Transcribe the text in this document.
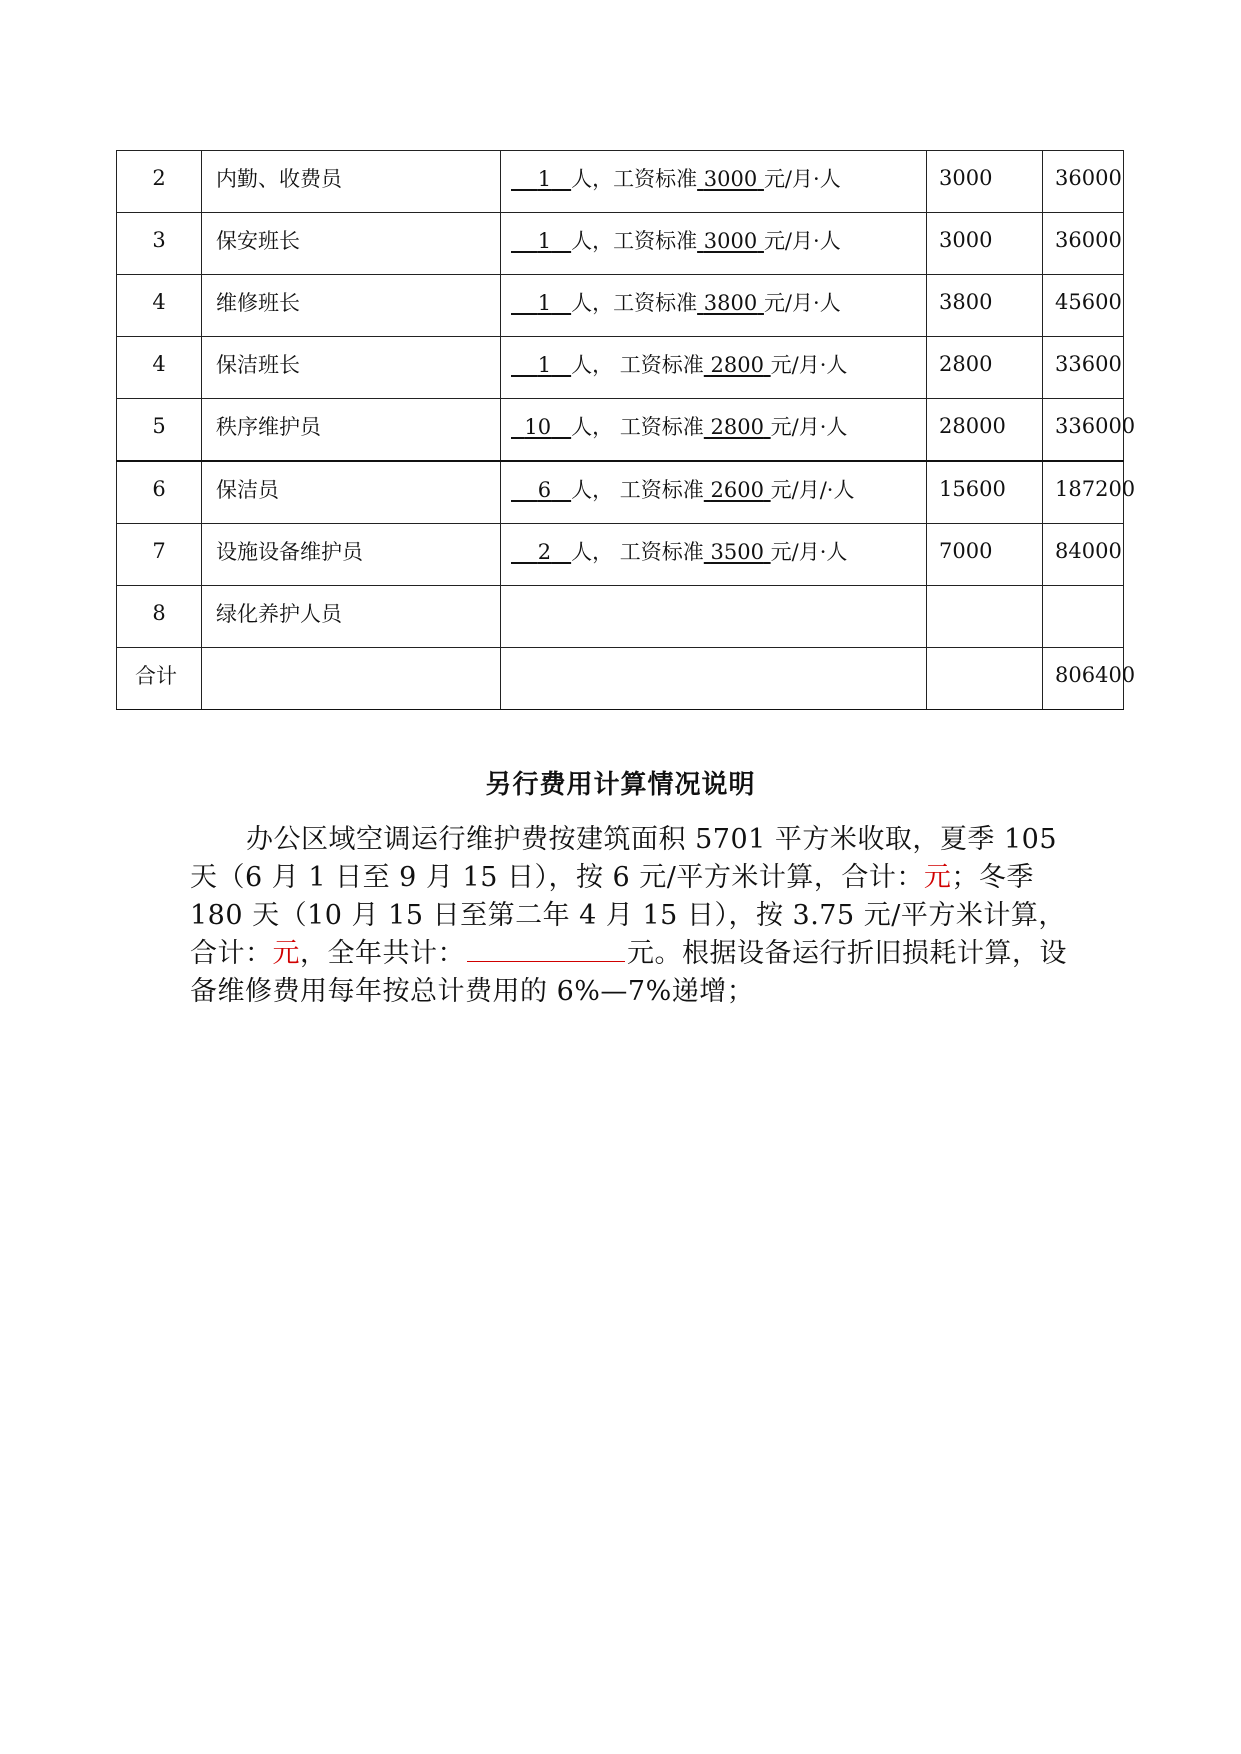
2	内勤、收费员	1 人，工资标准 3000 元/月·人	3000	36000
3	保安班长	1 人，工资标准 3000 元/月·人	3000	36000
4	维修班长	1 人，工资标准 3800 元/月·人	3800	45600
4	保洁班长	1 人， 工资标准 2800 元/月·人	2800	33600
5	秩序维护员	10 人， 工资标准 2800 元/月·人	28000	336000
6	保洁员	6 人， 工资标准 2600 元/月/·人	15600	187200
7	设施设备维护员	2 人， 工资标准 3500 元/月·人	7000	84000
8	绿化养护人员			
合计				806400
另行费用计算情况说明

办公区域空调运行维护费按建筑面积 5701 平方米收取，夏季 105 天（6 月 1 日至 9 月 15 日），按 6 元/平方米计算，合计：元；冬季 180 天（10 月 15 日至第二年 4 月 15 日），按 3.75 元/平方米计算，合计：元，全年共计：	元。根据设备运行折旧损耗计算，设备维修费用每年按总计费用的 6%—7%递增；
